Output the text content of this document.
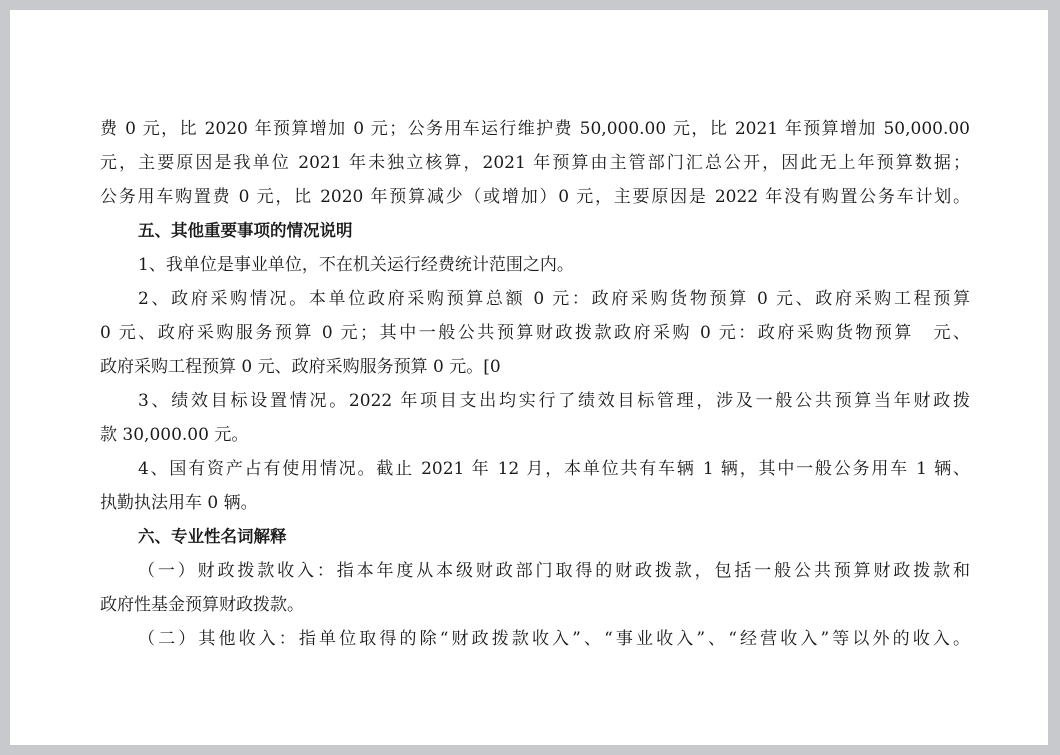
费 0 元，比 2020 年预算增加 0 元；公务用车运行维护费 50,000.00 元，比 2021 年预算增加 50,000.00
元，主要原因是我单位 2021 年未独立核算，2021 年预算由主管部门汇总公开，因此无上年预算数据；
公务用车购置费 0 元，比 2020 年预算减少（或增加）0 元，主要原因是 2022 年没有购置公务车计划。
五、其他重要事项的情况说明
1、我单位是事业单位，不在机关运行经费统计范围之内。
2、政府采购情况。本单位政府采购预算总额 0 元：政府采购货物预算 0 元、政府采购工程预算
0 元、政府采购服务预算 0 元；其中一般公共预算财政拨款政府采购 0 元：政府采购货物预算　元、
政府采购工程预算 0 元、政府采购服务预算 0 元。[0
3、绩效目标设置情况。2022 年项目支出均实行了绩效目标管理，涉及一般公共预算当年财政拨
款 30,000.00 元。
4、国有资产占有使用情况。截止 2021 年 12 月，本单位共有车辆 1 辆，其中一般公务用车 1 辆、
执勤执法用车 0 辆。
六、专业性名词解释
（一）财政拨款收入：指本年度从本级财政部门取得的财政拨款，包括一般公共预算财政拨款和
政府性基金预算财政拨款。
（二）其他收入：指单位取得的除“财政拨款收入”、“事业收入”、“经营收入”等以外的收入。
